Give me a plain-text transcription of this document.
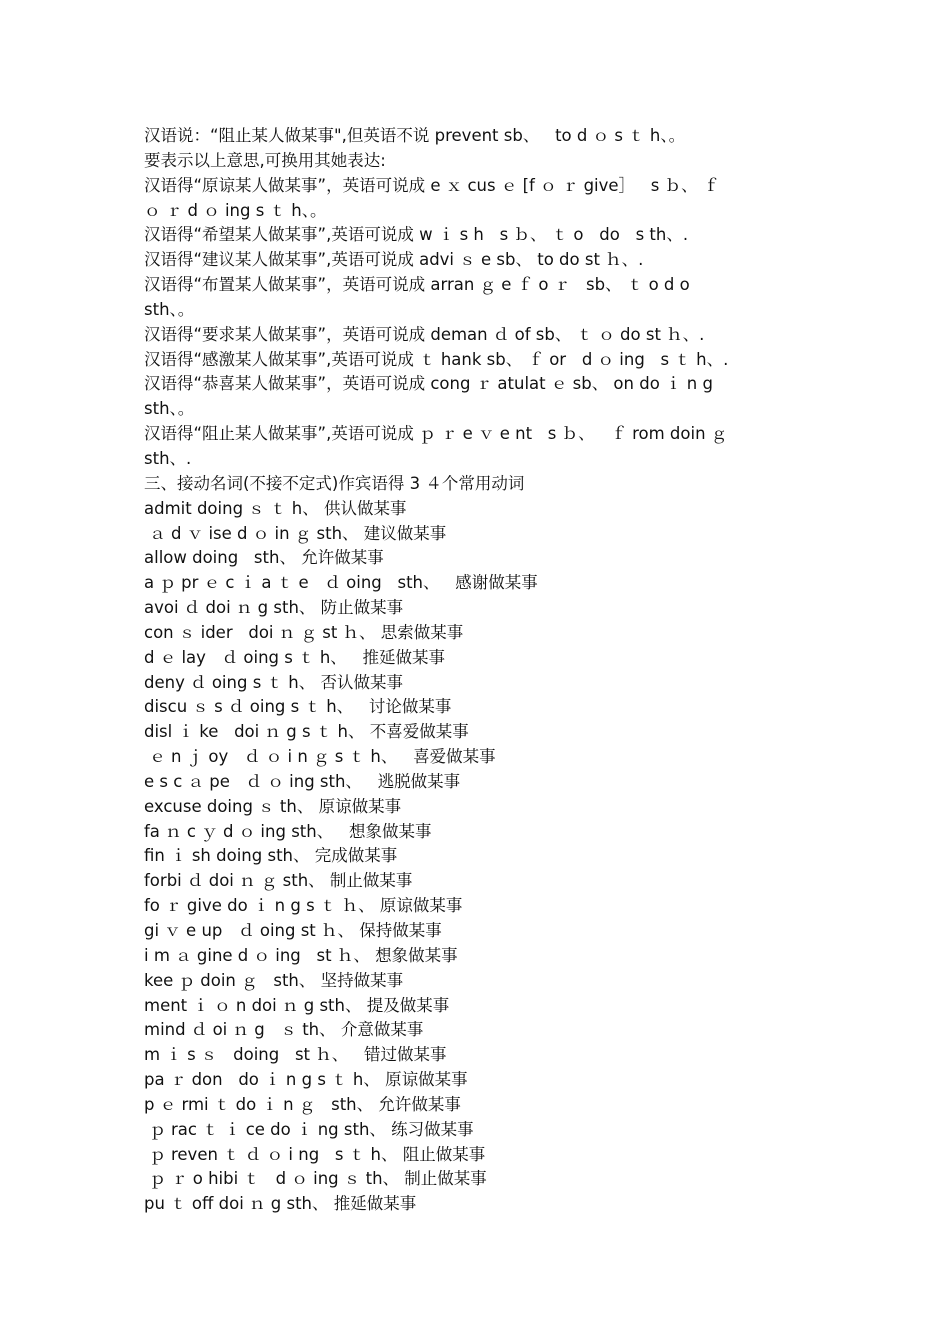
汉语说：“阻止某人做某事",但英语不说 prevent sb、   to d ｏ s ｔ h、。
要表示以上意思,可换用其她表达:
汉语得“原谅某人做某事”，英语可说成 e ｘ cus ｅ [f ｏ ｒ give］   s ｂ、 ｆ
ｏ ｒ d ｏ ing s ｔ h、。
汉语得“希望某人做某事”,英语可说成 w ｉ s h   s ｂ、 ｔ o   do   s th、.
汉语得“建议某人做某事”,英语可说成 advi ｓ e sb、 to do st ｈ、.
汉语得“布置某人做某事”，英语可说成 arran ｇ e ｆ o ｒ   sb、 ｔ o d o
sth、。
汉语得“要求某人做某事”，英语可说成 deman ｄ of sb、 ｔ ｏ do st ｈ、.
汉语得“感激某人做某事”,英语可说成 ｔ hank sb、 ｆ or   d ｏ ing   s ｔ h、.
汉语得“恭喜某人做某事”，英语可说成 cong ｒ atulat ｅ sb、 on do ｉ n g
sth、。
汉语得“阻止某人做某事”,英语可说成 ｐ ｒ e ｖ e nt   s ｂ、   ｆ rom doin ｇ
sth、.
三、接动名词(不接不定式)作宾语得 3 ４个常用动词
admit doing ｓ ｔ h、 供认做某事
ａ d ｖ ise d ｏ in ｇ sth、 建议做某事
allow doing   sth、 允许做某事
a ｐ pr ｅ c ｉ a ｔ e   ｄ oing   sth、   感谢做某事
avoi ｄ doi ｎ g sth、 防止做某事
con ｓ ider   doi ｎ ｇ st ｈ、 思索做某事
d ｅ lay   ｄ oing s ｔ h、   推延做某事
deny ｄ oing s ｔ h、 否认做某事
discu ｓ s ｄ oing s ｔ h、   讨论做某事
disl ｉ ke   doi ｎ g s ｔ h、 不喜爱做某事
ｅ n ｊ oy   ｄ ｏ i n ｇ s ｔ h、   喜爱做某事
e s c ａ pe   ｄ ｏ ing sth、   逃脱做某事
excuse doing ｓ th、 原谅做某事
fa ｎ c ｙ d ｏ ing sth、   想象做某事
fin ｉ sh doing sth、 完成做某事
forbi ｄ doi ｎ ｇ sth、 制止做某事
fo ｒ give do ｉ n g s ｔ ｈ、 原谅做某事
gi ｖ e up   ｄ oing st ｈ、 保持做某事
i m ａ gine d ｏ ing   st ｈ、 想象做某事
kee ｐ doin ｇ   sth、 坚持做某事
ment ｉ ｏ n doi ｎ g sth、 提及做某事
mind ｄ oi ｎ g   ｓ th、 介意做某事
m ｉ s ｓ   doing   st ｈ、   错过做某事
pa ｒ don   do ｉ n g s ｔ h、 原谅做某事
p ｅ rmi ｔ do ｉ n ｇ   sth、 允许做某事
ｐ rac ｔ ｉ ce do ｉ ng sth、 练习做某事
ｐ reven ｔ ｄ ｏ i ng   s ｔ h、 阻止做某事
ｐ ｒ o hibi ｔ   d ｏ ing ｓ th、 制止做某事
pu ｔ off doi ｎ g sth、 推延做某事
